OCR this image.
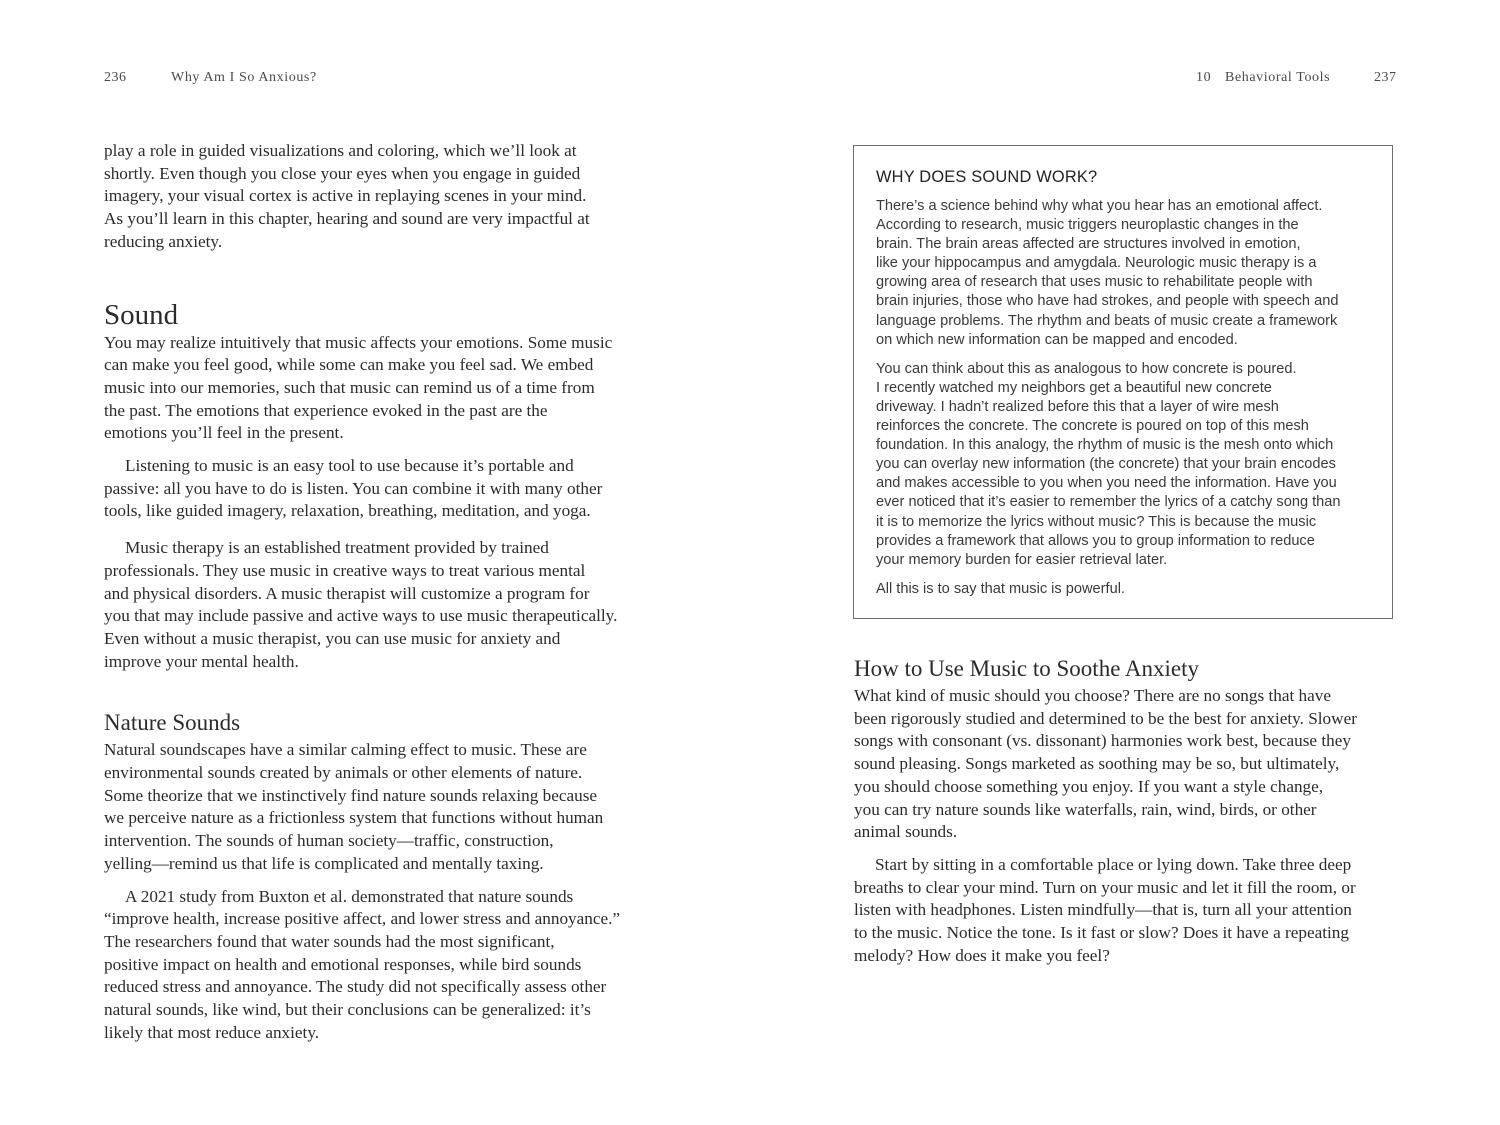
236	Why Am I So Anxious?

play a role in guided visualizations and coloring, which we’ll look at
shortly. Even though you close your eyes when you engage in guided
imagery, your visual cortex is active in replaying scenes in your mind.
As you’ll learn in this chapter, hearing and sound are very impactful at
reducing anxiety.

Sound

You may realize intuitively that music affects your emotions. Some music
can make you feel good, while some can make you feel sad. We embed
music into our memories, such that music can remind us of a time from
the past. The emotions that experience evoked in the past are the
emotions you’ll feel in the present.

Listening to music is an easy tool to use because it’s portable and
passive: all you have to do is listen. You can combine it with many other
tools, like guided imagery, relaxation, breathing, meditation, and yoga.

Music therapy is an established treatment provided by trained
professionals. They use music in creative ways to treat various mental
and physical disorders. A music therapist will customize a program for
you that may include passive and active ways to use music therapeutically.
Even without a music therapist, you can use music for anxiety and
improve your mental health.

Nature Sounds

Natural soundscapes have a similar calming effect to music. These are
environmental sounds created by animals or other elements of nature.
Some theorize that we instinctively find nature sounds relaxing because
we perceive nature as a frictionless system that functions without human
intervention. The sounds of human society—traffic, construction,
yelling—remind us that life is complicated and mentally taxing.

A 2021 study from Buxton et al. demonstrated that nature sounds
“improve health, increase positive affect, and lower stress and annoyance.”
The researchers found that water sounds had the most significant,
positive impact on health and emotional responses, while bird sounds
reduced stress and annoyance. The study did not specifically assess other
natural sounds, like wind, but their conclusions can be generalized: it’s
likely that most reduce anxiety.

10 Behavioral Tools	237
WHY DOES SOUND WORK?

There’s a science behind why what you hear has an emotional affect.
According to research, music triggers neuroplastic changes in the
brain. The brain areas affected are structures involved in emotion,
like your hippocampus and amygdala. Neurologic music therapy is a
growing area of research that uses music to rehabilitate people with
brain injuries, those who have had strokes, and people with speech and
language problems. The rhythm and beats of music create a framework
on which new information can be mapped and encoded.

You can think about this as analogous to how concrete is poured.
I recently watched my neighbors get a beautiful new concrete
driveway. I hadn’t realized before this that a layer of wire mesh
reinforces the concrete. The concrete is poured on top of this mesh
foundation. In this analogy, the rhythm of music is the mesh onto which
you can overlay new information (the concrete) that your brain encodes
and makes accessible to you when you need the information. Have you
ever noticed that it’s easier to remember the lyrics of a catchy song than
it is to memorize the lyrics without music? This is because the music
provides a framework that allows you to group information to reduce
your memory burden for easier retrieval later.

All this is to say that music is powerful.

How to Use Music to Soothe Anxiety

What kind of music should you choose? There are no songs that have
been rigorously studied and determined to be the best for anxiety. Slower
songs with consonant (vs. dissonant) harmonies work best, because they
sound pleasing. Songs marketed as soothing may be so, but ultimately,
you should choose something you enjoy. If you want a style change,
you can try nature sounds like waterfalls, rain, wind, birds, or other
animal sounds.

Start by sitting in a comfortable place or lying down. Take three deep
breaths to clear your mind. Turn on your music and let it fill the room, or
listen with headphones. Listen mindfully—that is, turn all your attention
to the music. Notice the tone. Is it fast or slow? Does it have a repeating
melody? How does it make you feel?
